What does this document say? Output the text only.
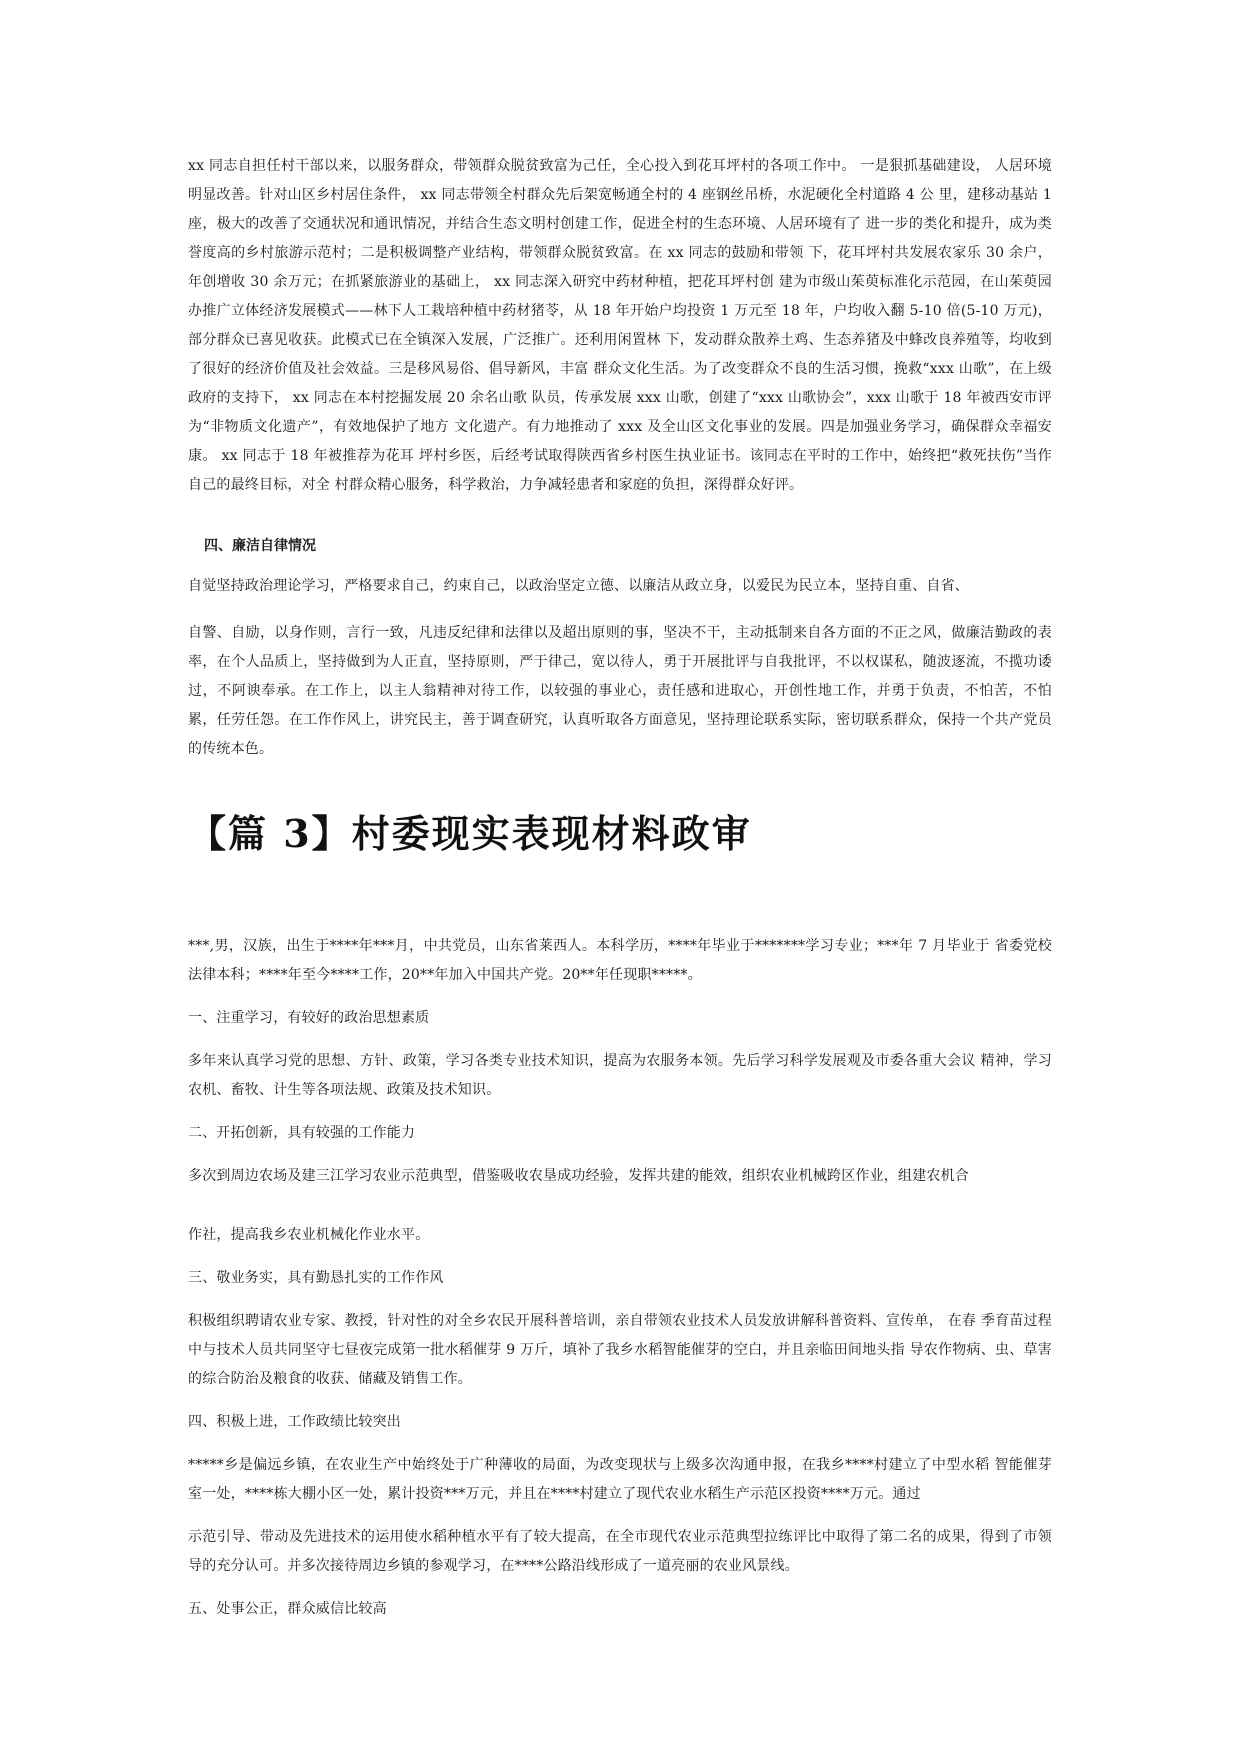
xx 同志自担任村干部以来，以服务群众，带领群众脱贫致富为己任，全心投入到花耳坪村的各项工作中。 一是狠抓基础建设， 人居环境明显改善。针对山区乡村居住条件， xx 同志带领全村群众先后架宽畅通全村的 4 座钢丝吊桥，水泥硬化全村道路 4 公 里，建移动基站 1 座，极大的改善了交通状况和通讯情况，并结合生态文明村创建工作，促进全村的生态环境、人居环境有了 进一步的类化和提升，成为类誉度高的乡村旅游示范村；二是积极调整产业结构，带领群众脱贫致富。在 xx 同志的鼓励和带领 下，花耳坪村共发展农家乐 30 余户，年创增收 30 余万元；在抓紧旅游业的基础上， xx 同志深入研究中药材种植，把花耳坪村创 建为市级山茱萸标准化示范园，在山茱萸园办推广立体经济发展模式——林下人工栽培种植中药材猪苓，从 18 年开始户均投资 1 万元至 18 年，户均收入翻 5-10 倍(5-10 万元)，部分群众已喜见收获。此模式已在全镇深入发展，广泛推广。还利用闲置林 下，发动群众散养土鸡、生态养猪及中蜂改良养殖等，均收到了很好的经济价值及社会效益。三是移风易俗、倡导新风，丰富 群众文化生活。为了改变群众不良的生活习惯，挽救“xxx 山歌”，在上级政府的支持下， xx 同志在本村挖掘发展 20 余名山歌 队员，传承发展 xxx 山歌，创建了“xxx 山歌协会”，xxx 山歌于 18 年被西安市评为“非物质文化遗产”，有效地保护了地方 文化遗产。有力地推动了 xxx 及全山区文化事业的发展。四是加强业务学习，确保群众幸福安康。 xx 同志于 18 年被推荐为花耳 坪村乡医，后经考试取得陕西省乡村医生执业证书。该同志在平时的工作中，始终把“救死扶伤”当作自己的最终目标，对全 村群众精心服务，科学救治，力争减轻患者和家庭的负担，深得群众好评。

四、廉洁自律情况

自觉坚持政治理论学习，严格要求自己，约束自己，以政治坚定立德、以廉洁从政立身，以爱民为民立本，坚持自重、自省、

自警、自励，以身作则，言行一致，凡违反纪律和法律以及超出原则的事，坚决不干，主动抵制来自各方面的不正之风，做廉洁勤政的表率，在个人品质上，坚持做到为人正直，坚持原则，严于律己，宽以待人，勇于开展批评与自我批评，不以权谋私，随波逐流，不揽功诿过，不阿谀奉承。在工作上，以主人翁精神对待工作，以较强的事业心，责任感和进取心，开创性地工作，并勇于负责，不怕苦，不怕累，任劳任怨。在工作作风上，讲究民主，善于调查研究，认真听取各方面意见，坚持理论联系实际，密切联系群众，保持一个共产党员的传统本色。

【篇 3】村委现实表现材料政审

***,男，汉族，出生于****年***月，中共党员，山东省莱西人。本科学历，****年毕业于*******学习专业；***年 7 月毕业于 省委党校法律本科；****年至今****工作，20**年加入中国共产党。20**年任现职*****。

一、注重学习，有较好的政治思想素质

多年来认真学习党的思想、方针、政策，学习各类专业技术知识，提高为农服务本领。先后学习科学发展观及市委各重大会议 精神，学习农机、畜牧、计生等各项法规、政策及技术知识。

二、开拓创新，具有较强的工作能力

多次到周边农场及建三江学习农业示范典型，借鉴吸收农垦成功经验，发挥共建的能效，组织农业机械跨区作业，组建农机合

作社，提高我乡农业机械化作业水平。

三、敬业务实，具有勤恳扎实的工作作风

积极组织聘请农业专家、教授，针对性的对全乡农民开展科普培训，亲自带领农业技术人员发放讲解科普资料、宣传单， 在春 季育苗过程中与技术人员共同坚守七昼夜完成第一批水稻催芽 9 万斤，填补了我乡水稻智能催芽的空白，并且亲临田间地头指 导农作物病、虫、草害的综合防治及粮食的收获、储藏及销售工作。

四、积极上进，工作政绩比较突出

*****乡是偏远乡镇，在农业生产中始终处于广种薄收的局面，为改变现状与上级多次沟通申报，在我乡****村建立了中型水稻 智能催芽室一处，****栋大棚小区一处，累计投资***万元，并且在****村建立了现代农业水稻生产示范区投资****万元。通过

示范引导、带动及先进技术的运用使水稻种植水平有了较大提高，在全市现代农业示范典型拉练评比中取得了第二名的成果，得到了市领导的充分认可。并多次接待周边乡镇的参观学习，在****公路沿线形成了一道亮丽的农业风景线。

五、处事公正，群众威信比较高
